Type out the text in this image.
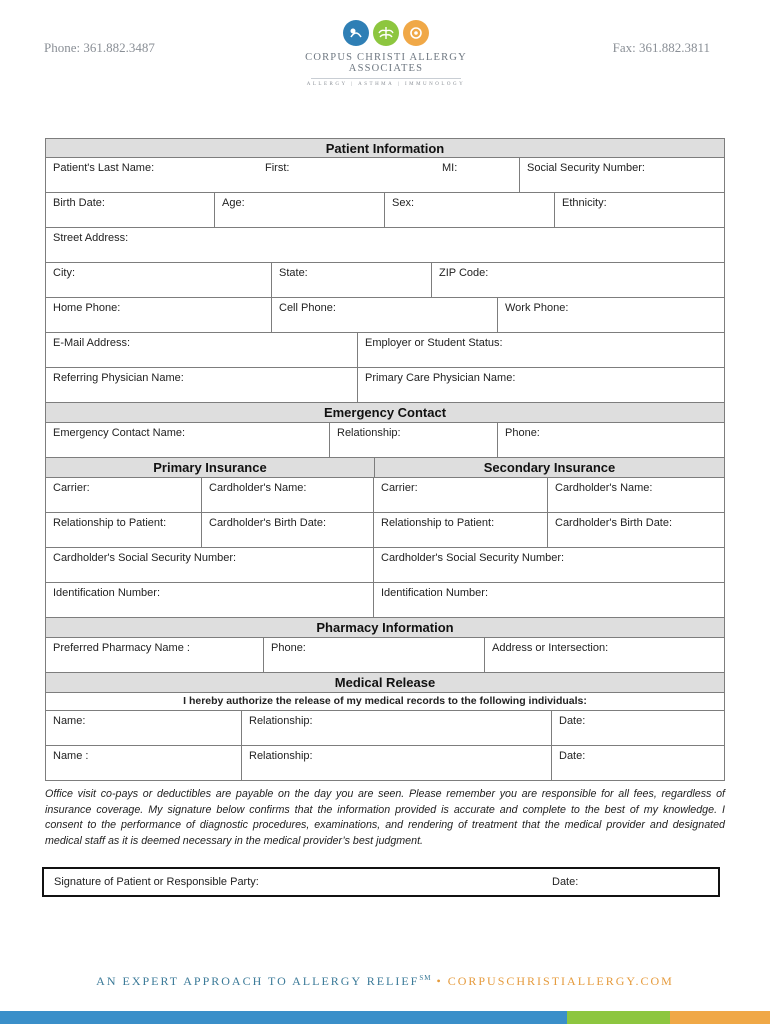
Phone: 361.882.3487	Fax: 361.882.3811
CORPUS CHRISTI ALLERGY ASSOCIATES
ALLERGY | ASTHMA | IMMUNOLOGY
Patient Information
Patient's Last Name:	First:	MI:	Social Security Number:
Birth Date:	Age:	Sex:	Ethnicity:
Street Address:
City:	State:	ZIP Code:
Home Phone:	Cell Phone:	Work Phone:
E-Mail Address:	Employer or Student Status:
Referring Physician Name:	Primary Care Physician Name:
Emergency Contact
Emergency Contact Name:	Relationship:	Phone:
Primary Insurance	Secondary Insurance
Carrier:	Cardholder's Name:	Carrier:	Cardholder's Name:
Relationship to Patient:	Cardholder's Birth Date:	Relationship to Patient:	Cardholder's Birth Date:
Cardholder's Social Security Number:	Cardholder's Social Security Number:
Identification Number:	Identification Number:
Pharmacy Information
Preferred Pharmacy Name :	Phone:	Address or Intersection:
Medical Release
I hereby authorize the release of my medical records to the following individuals:
Name:	Relationship:	Date:
Name :	Relationship:	Date:
Office visit co-pays or deductibles are payable on the day you are seen. Please remember you are responsible for all fees, regardless of insurance coverage. My signature below confirms that the information provided is accurate and complete to the best of my knowledge. I consent to the performance of diagnostic procedures, examinations, and rendering of treatment that the medical provider and designated medical staff as it is deemed necessary in the medical provider’s best judgment.
Signature of Patient or Responsible Party:	Date:
AN EXPERT APPROACH TO ALLERGY RELIEF℠ • CORPUSCHRISTIALLERGY.COM
